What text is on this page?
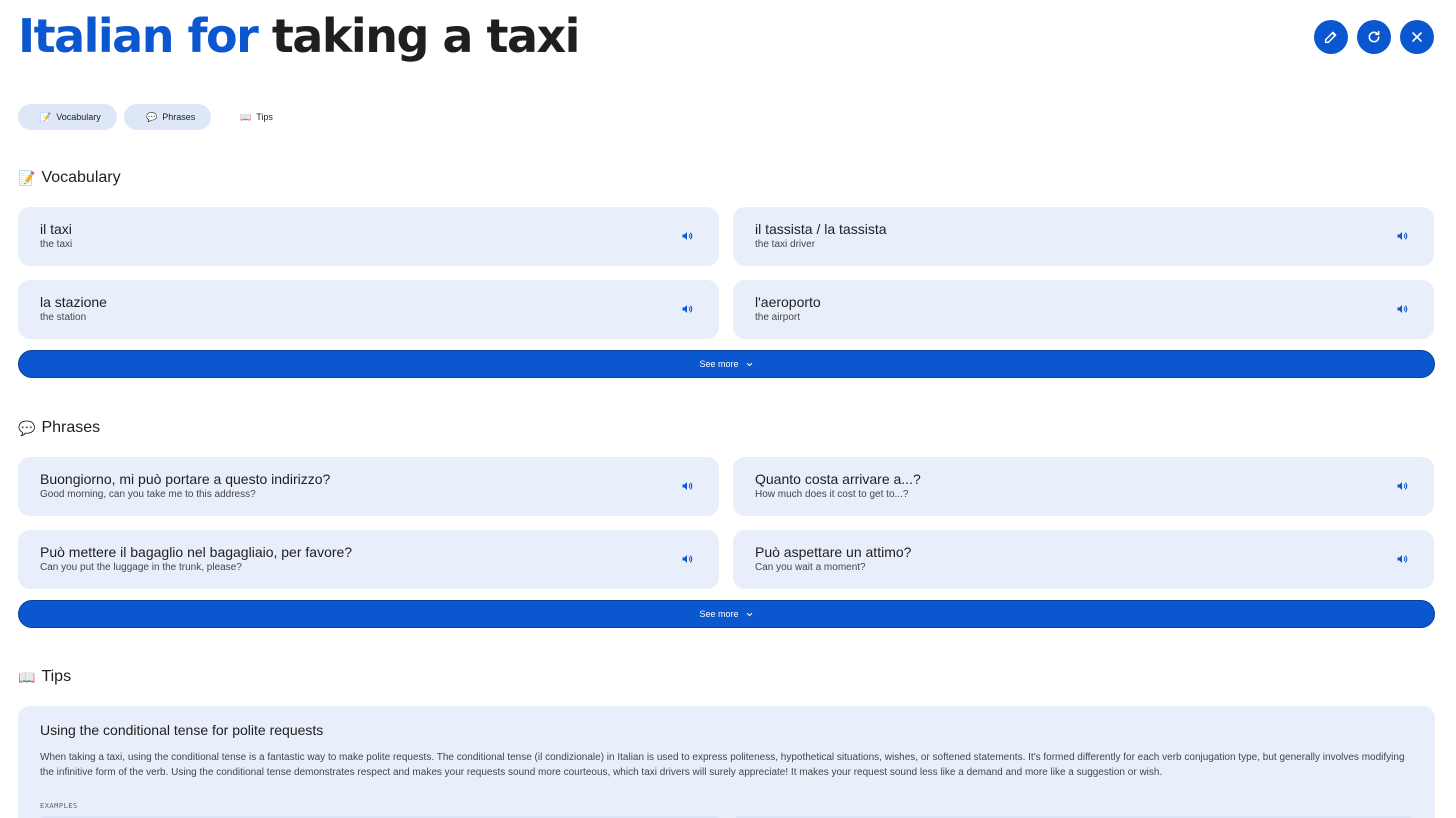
Italian for taking a taxi
📝 Vocabulary	💬 Phrases	📖 Tips
📝 Vocabulary
il taxi
the taxi
il tassista / la tassista
the taxi driver
la stazione
the station
l'aeroporto
the airport
See more
💬 Phrases
Buongiorno, mi può portare a questo indirizzo?
Good morning, can you take me to this address?
Quanto costa arrivare a...?
How much does it cost to get to...?
Può mettere il bagaglio nel bagagliaio, per favore?
Can you put the luggage in the trunk, please?
Può aspettare un attimo?
Can you wait a moment?
See more
📖 Tips
Using the conditional tense for polite requests
When taking a taxi, using the conditional tense is a fantastic way to make polite requests. The conditional tense (il condizionale) in Italian is used to express politeness, hypothetical situations, wishes, or softened statements. It's formed differently for each verb conjugation type, but generally involves modifying the infinitive form of the verb. Using the conditional tense demonstrates respect and makes your requests sound more courteous, which taxi drivers will surely appreciate! It makes your request sound less like a demand and more like a suggestion or wish.
EXAMPLES
